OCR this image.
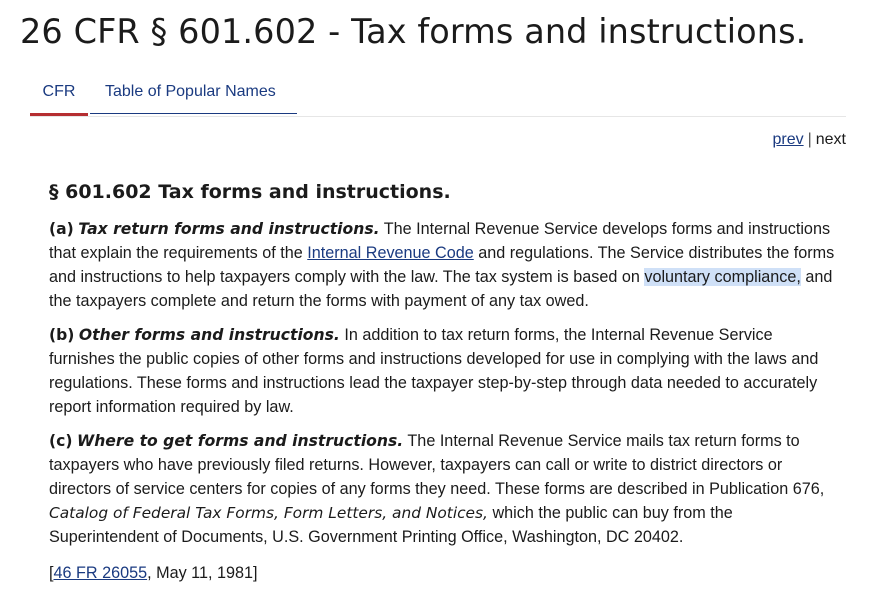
26 CFR § 601.602 - Tax forms and instructions.
CFR	Table of Popular Names
prev | next
§ 601.602 Tax forms and instructions.

(a) Tax return forms and instructions. The Internal Revenue Service develops forms and instructions that explain the requirements of the Internal Revenue Code and regulations. The Service distributes the forms and instructions to help taxpayers comply with the law. The tax system is based on voluntary compliance, and the taxpayers complete and return the forms with payment of any tax owed.

(b) Other forms and instructions. In addition to tax return forms, the Internal Revenue Service furnishes the public copies of other forms and instructions developed for use in complying with the laws and regulations. These forms and instructions lead the taxpayer step-by-step through data needed to accurately report information required by law.

(c) Where to get forms and instructions. The Internal Revenue Service mails tax return forms to taxpayers who have previously filed returns. However, taxpayers can call or write to district directors or directors of service centers for copies of any forms they need. These forms are described in Publication 676, Catalog of Federal Tax Forms, Form Letters, and Notices, which the public can buy from the Superintendent of Documents, U.S. Government Printing Office, Washington, DC 20402.

[46 FR 26055, May 11, 1981]
